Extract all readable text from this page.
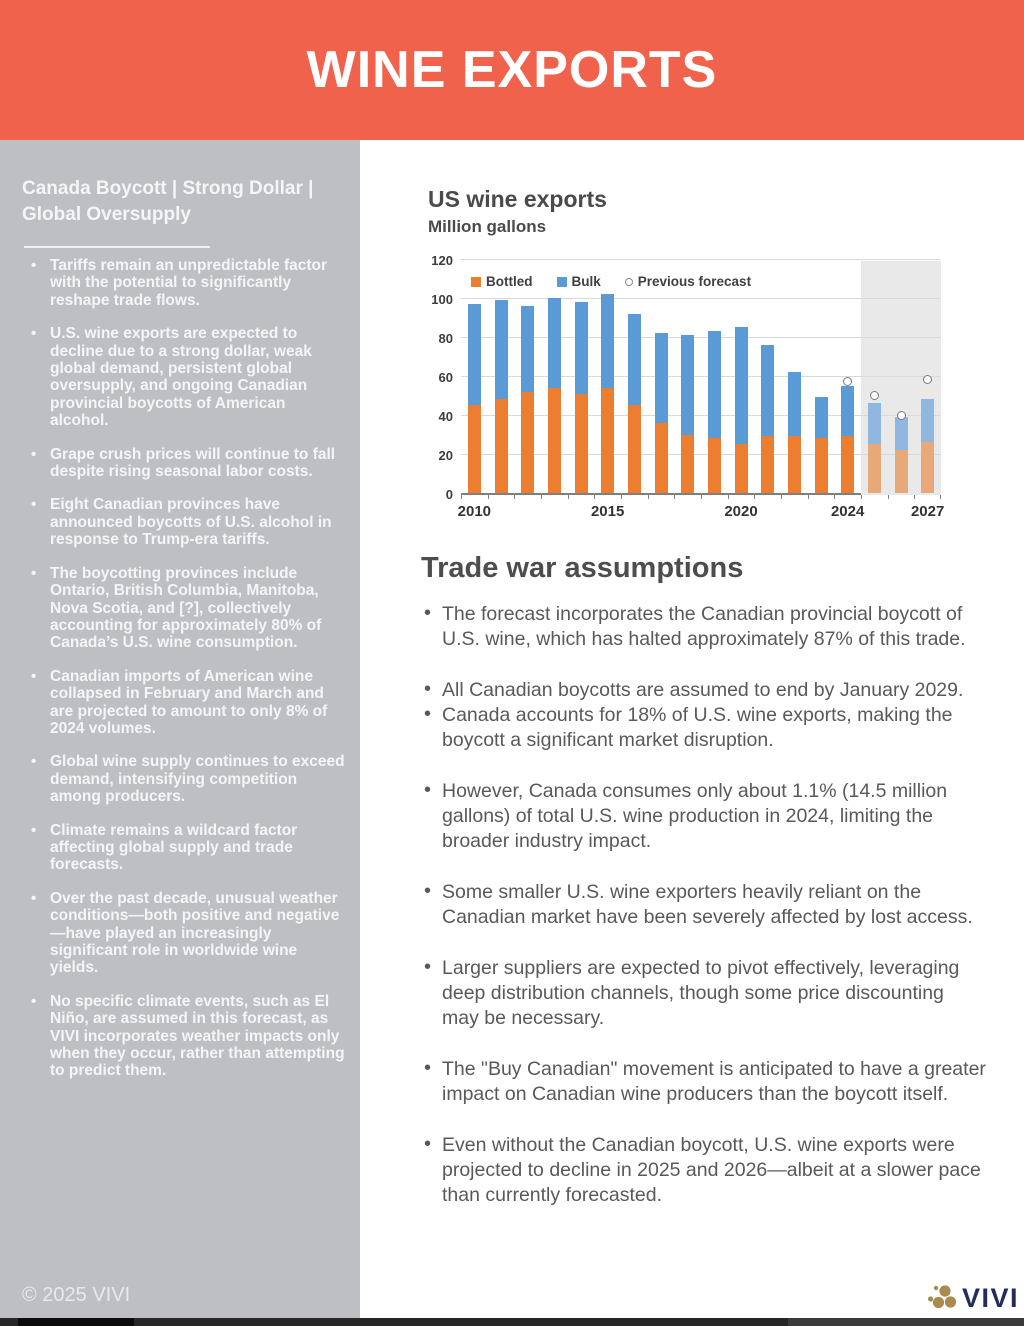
WINE EXPORTS
Canada Boycott | Strong Dollar | Global Oversupply
• Tariffs remain an unpredictable factor with the potential to significantly reshape trade flows.
• U.S. wine exports are expected to decline due to a strong dollar, weak global demand, persistent global oversupply, and ongoing Canadian provincial boycotts of American alcohol.
• Grape crush prices will continue to fall despite rising seasonal labor costs.
• Eight Canadian provinces have announced boycotts of U.S. alcohol in response to Trump-era tariffs.
• The boycotting provinces include Ontario, British Columbia, Manitoba, Nova Scotia, and [?], collectively accounting for approximately 80% of Canada’s U.S. wine consumption.
• Canadian imports of American wine collapsed in February and March and are projected to amount to only 8% of 2024 volumes.
• Global wine supply continues to exceed demand, intensifying competition among producers.
• Climate remains a wildcard factor affecting global supply and trade forecasts.
• Over the past decade, unusual weather conditions—both positive and negative—have played an increasingly significant role in worldwide wine yields.
• No specific climate events, such as El Niño, are assumed in this forecast, as VIVI incorporates weather impacts only when they occur, rather than attempting to predict them.
© 2025 VIVI
US wine exports
Million gallons
0
20
40
60
80
100
120
Bottled	Bulk	Previous forecast
2010	2015	2020	2024	2027
Trade war assumptions
• The forecast incorporates the Canadian provincial boycott of U.S. wine, which has halted approximately 87% of this trade.
• All Canadian boycotts are assumed to end by January 2029.
• Canada accounts for 18% of U.S. wine exports, making the boycott a significant market disruption.
• However, Canada consumes only about 1.1% (14.5 million gallons) of total U.S. wine production in 2024, limiting the broader industry impact.
• Some smaller U.S. wine exporters heavily reliant on the Canadian market have been severely affected by lost access.
• Larger suppliers are expected to pivot effectively, leveraging deep distribution channels, though some price discounting may be necessary.
• The "Buy Canadian" movement is anticipated to have a greater impact on Canadian wine producers than the boycott itself.
• Even without the Canadian boycott, U.S. wine exports were projected to decline in 2025 and 2026—albeit at a slower pace than currently forecasted.
VIVI
